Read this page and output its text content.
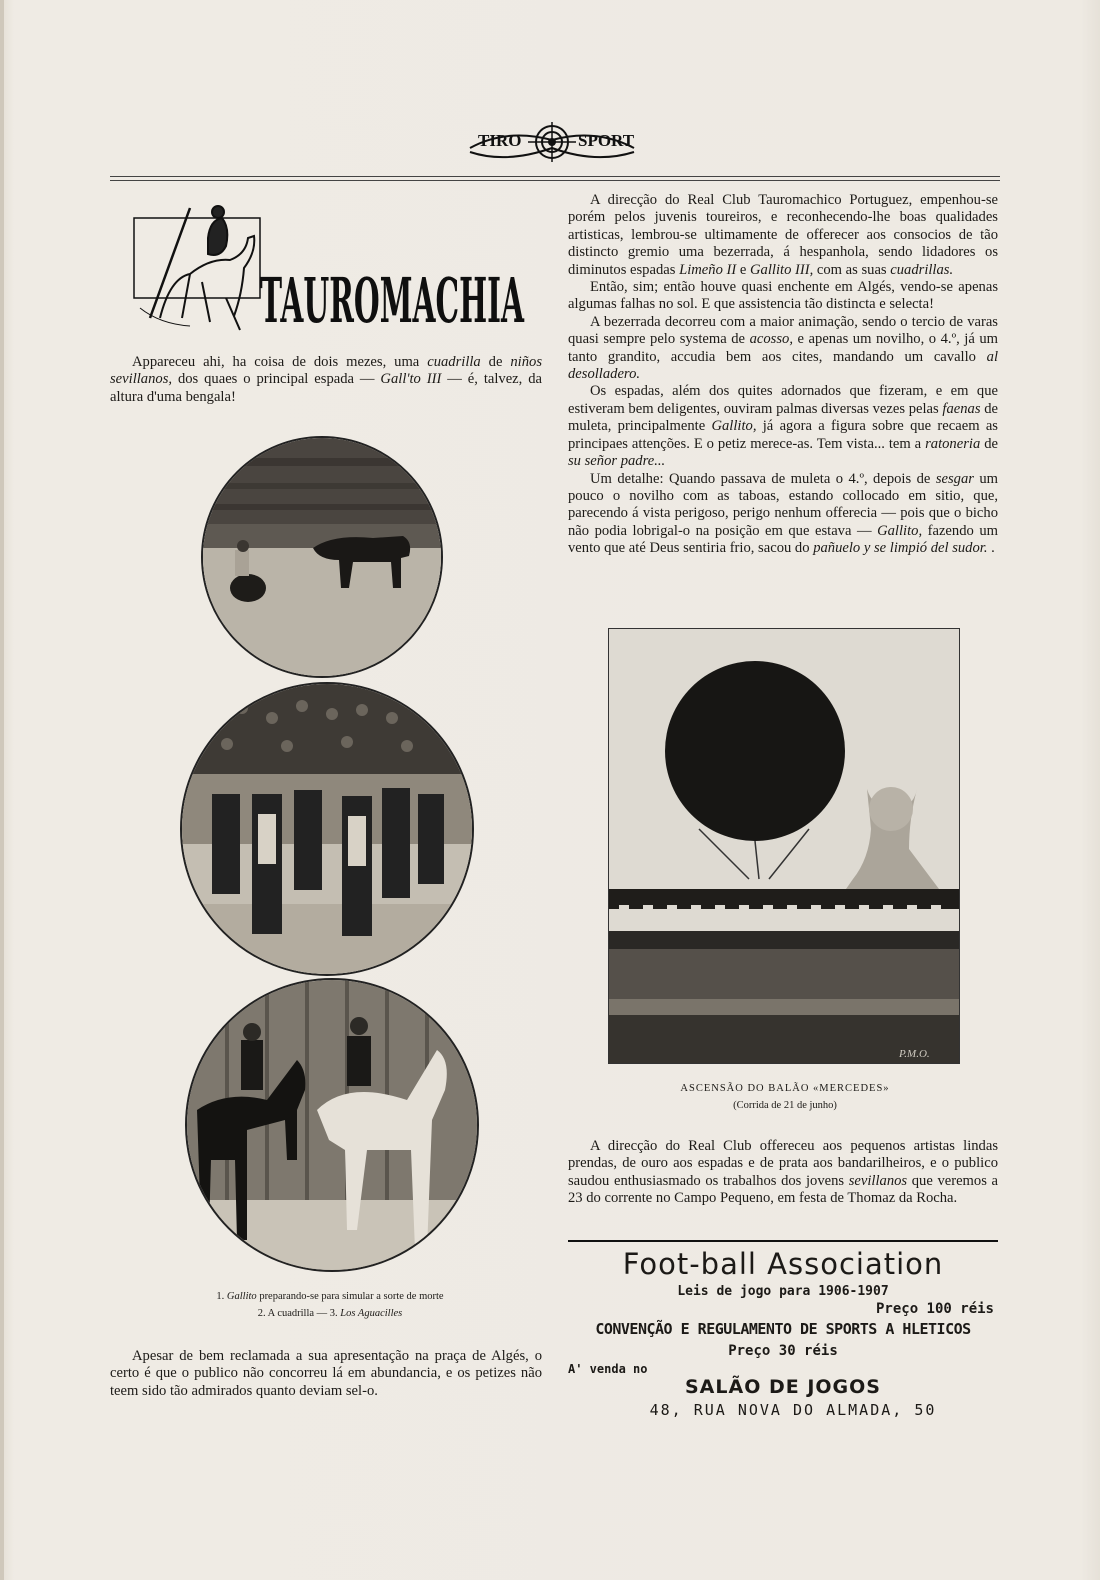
TIRO	SPORT
TAUROMACHIA

Appareceu ahi, ha coisa de dois mezes, uma cuadrilla de niños sevillanos, dos quaes o principal espada — Gall'to III — é, talvez, da altura d'uma bengala!

1. Gallito preparando-se para simular a sorte de morte
2. A cuadrilla — 3. Los Aguacilles

A direcção do Real Club Tauromachico Portuguez, empenhou-se porém pelos juvenis toureiros, e reconhecendo-lhe boas qualidades artisticas, lembrou-se ultimamente de offerecer aos consocios de tão distincto gremio uma bezerrada, á hespanhola, sendo lidadores os diminutos espadas Limeño II e Gallito III, com as suas cuadrillas.

Então, sim; então houve quasi enchente em Algés, vendo-se apenas algumas falhas no sol. E que assistencia tão distincta e selecta!

A bezerrada decorreu com a maior animação, sendo o tercio de varas quasi sempre pelo systema de acosso, e apenas um novilho, o 4.º, já um tanto grandito, accudia bem aos cites, mandando um cavallo al desolladero.

Os espadas, além dos quites adornados que fizeram, e em que estiveram bem deligentes, ouviram palmas diversas vezes pelas faenas de muleta, principalmente Gallito, já agora a figura sobre que recaem as principaes attenções. E o petiz merece-as. Tem vista... tem a ratoneria de su señor padre...

Um detalhe: Quando passava de muleta o 4.º, depois de sesgar um pouco o novilho com as taboas, estando collocado em sitio, que, parecendo á vista perigoso, perigo nenhum offerecia — pois que o bicho não podia lobrigal-o na posição em que estava — Gallito, fazendo um vento que até Deus sentiria frio, sacou do pañuelo y se limpió del sudor. .

P.M.O.
ASCENSÃO DO BALÃO «MERCEDES»
(Corrida de 21 de junho)

A direcção do Real Club offereceu aos pequenos artistas lindas prendas, de ouro aos espadas e de prata aos bandarilheiros, e o publico saudou enthusiasmado os trabalhos dos jovens sevillanos que veremos a 23 do corrente no Campo Pequeno, em festa de Thomaz da Rocha.

Apesar de bem reclamada a sua apresentação na praça de Algés, o certo é que o publico não concorreu lá em abundancia, e os petizes não teem sido tão admirados quanto deviam sel-o.

Foot-ball Association
Leis de jogo para 1906-1907
Preço 100 réis
CONVENÇÃO E REGULAMENTO DE SPORTS A HLETICOS
Preço 30 réis
A' venda no
SALÃO DE JOGOS
48, RUA NOVA DO ALMADA, 50
